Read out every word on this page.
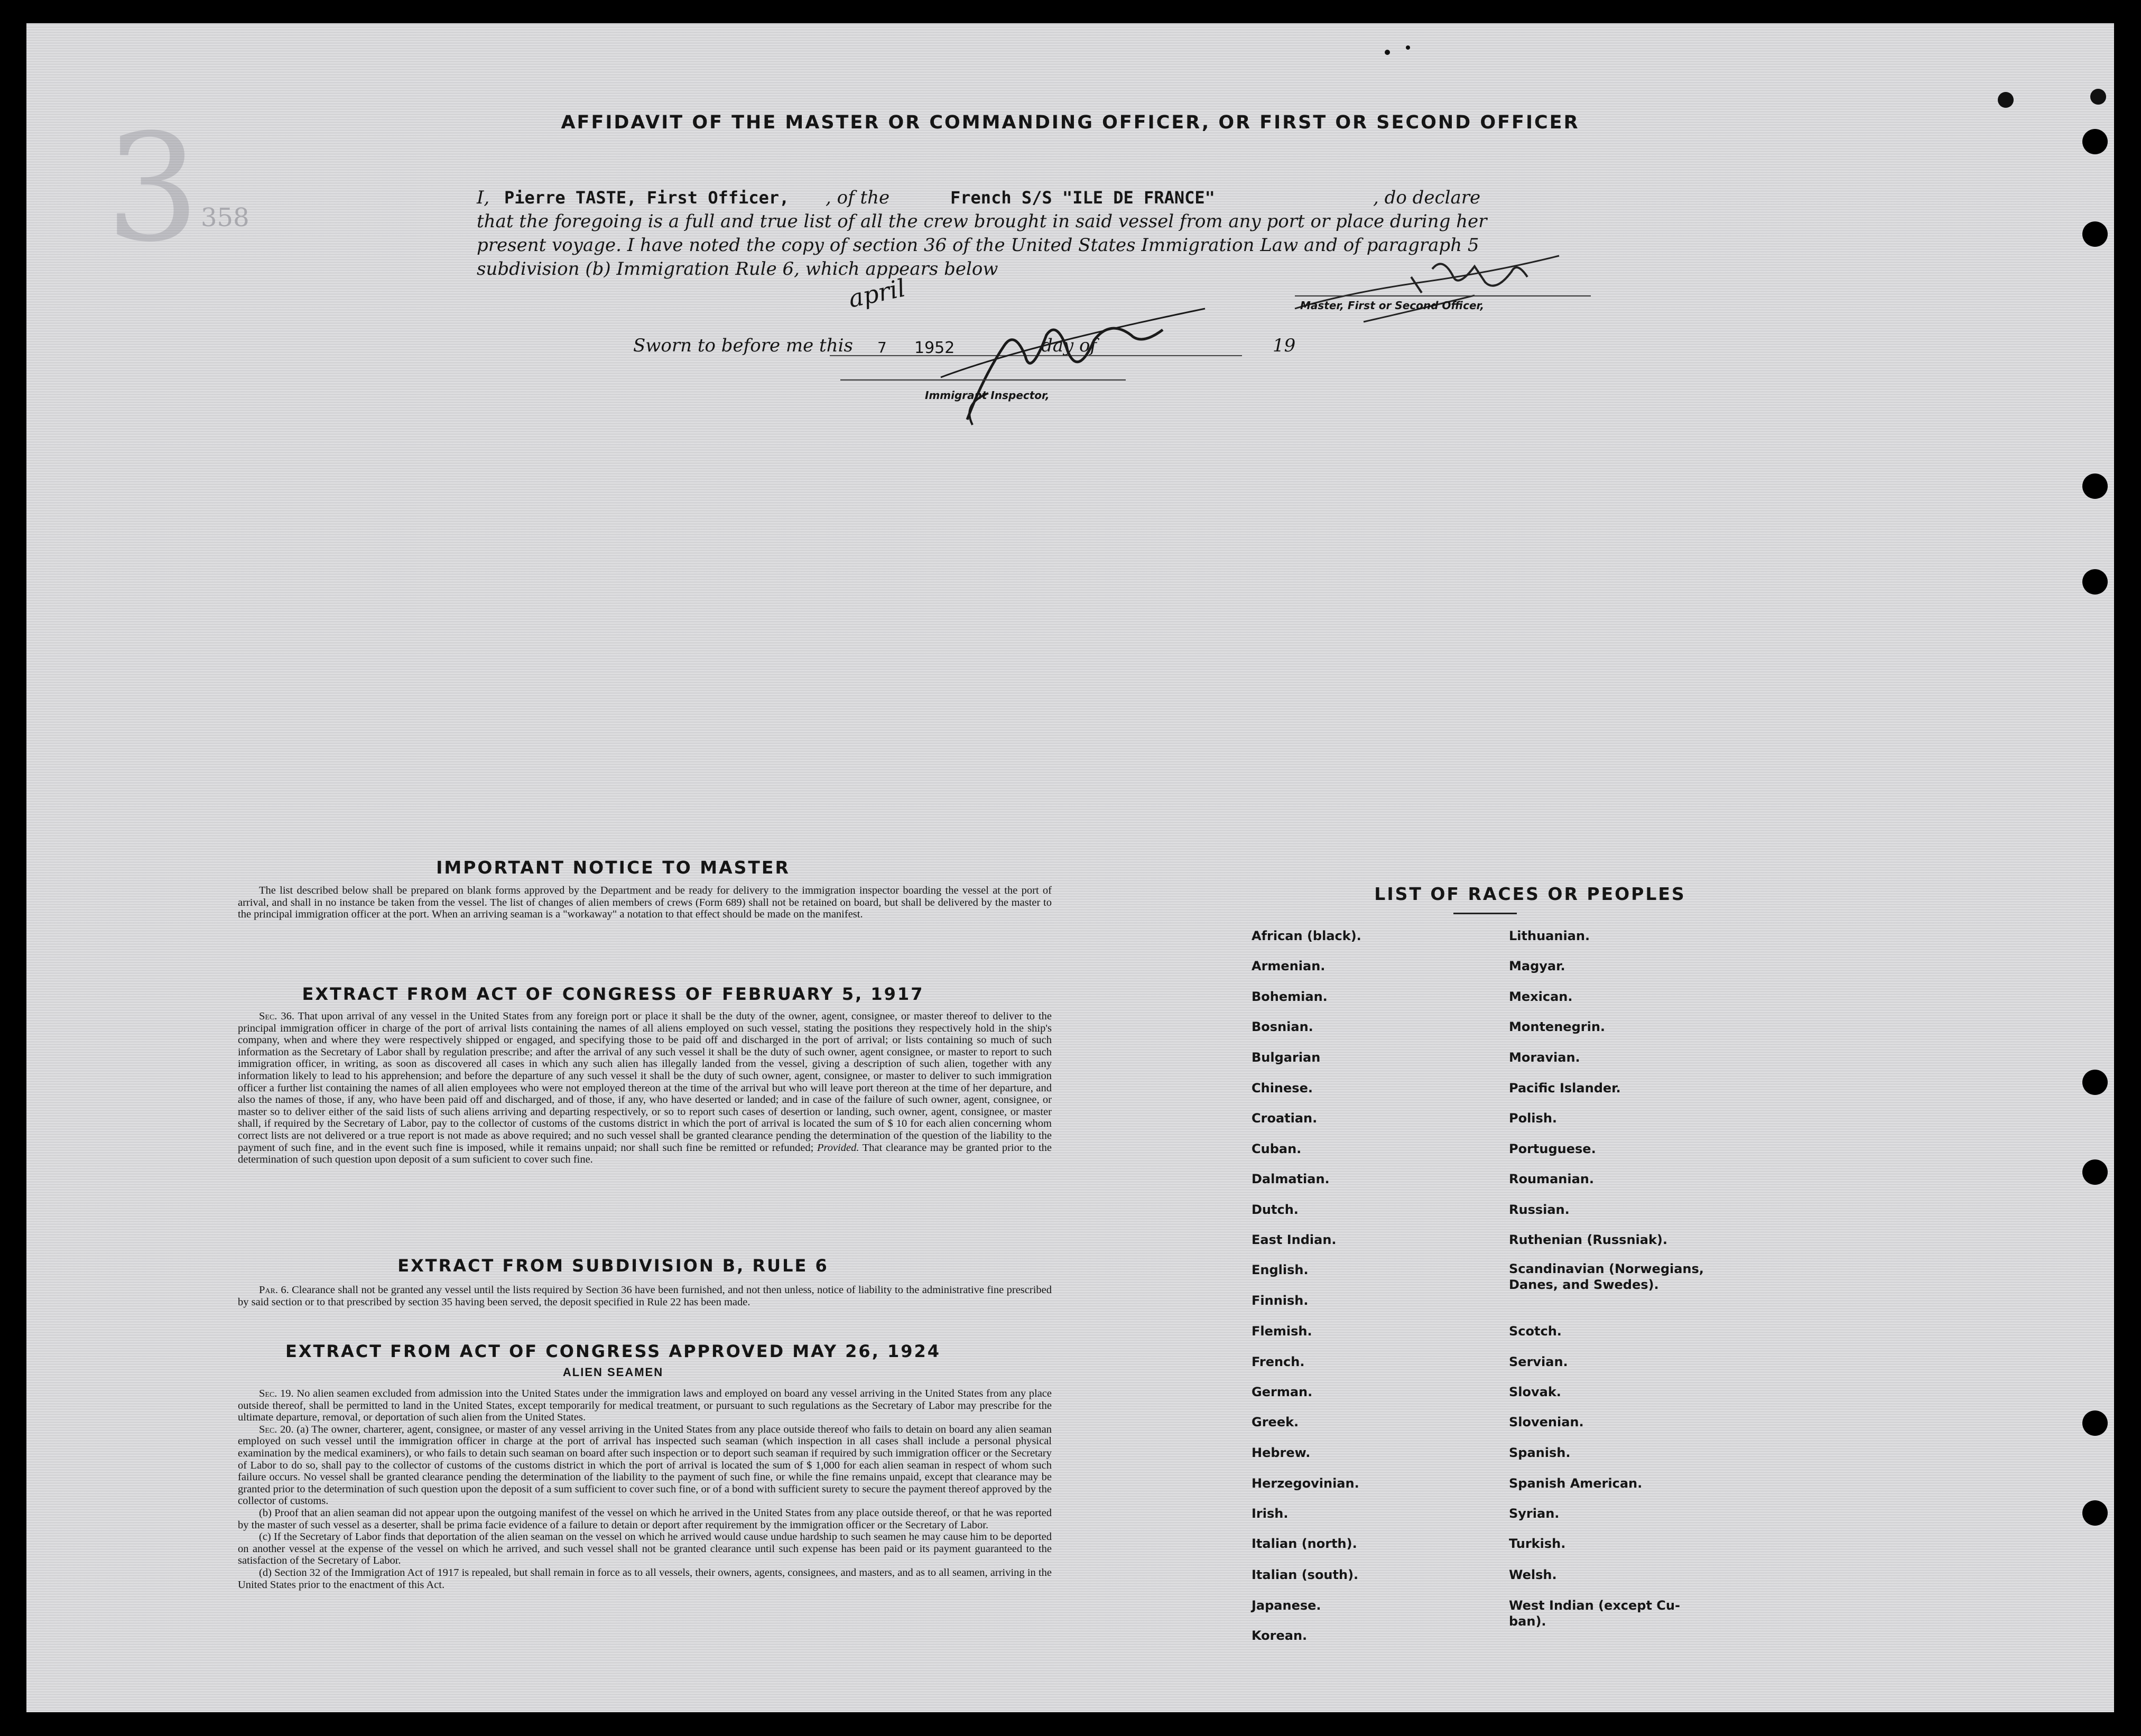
3 358
AFFIDAVIT OF THE MASTER OR COMMANDING OFFICER, OR FIRST OR SECOND OFFICER
I, Pierre TASTE, First Officer, , of the	French S/S "ILE DE FRANCE"	, do declare
that the foregoing is a full and true list of all the crew brought in said vessel from any port or place during her
present voyage. I have noted the copy of section 36 of the United States Immigration Law and of paragraph 5
subdivision (b) Immigration Rule 6, which appears below
Master, First or Second Officer,
Sworn to before me this
april
7 1952	day of	19
Immigrant Inspector,
IMPORTANT NOTICE TO MASTER

The list described below shall be prepared on blank forms approved by the Department and be ready for delivery to the immigration inspector boarding the vessel at the port of arrival, and shall in no instance be taken from the vessel. The list of changes of alien members of crews (Form 689) shall not be retained on board, but shall be delivered by the master to the principal immigration officer at the port. When an arriving seaman is a "workaway" a notation to that effect should be made on the manifest.

EXTRACT FROM ACT OF CONGRESS OF FEBRUARY 5, 1917

Sec. 36. That upon arrival of any vessel in the United States from any foreign port or place it shall be the duty of the owner, agent, consignee, or master thereof to deliver to the principal immigration officer in charge of the port of arrival lists containing the names of all aliens employed on such vessel, stating the positions they respectively hold in the ship's company, when and where they were respectively shipped or engaged, and specifying those to be paid off and discharged in the port of arrival; or lists containing so much of such information as the Secretary of Labor shall by regulation prescribe; and after the arrival of any such vessel it shall be the duty of such owner, agent consignee, or master to report to such immigration officer, in writing, as soon as discovered all cases in which any such alien has illegally landed from the vessel, giving a description of such alien, together with any information likely to lead to his apprehension; and before the departure of any such vessel it shall be the duty of such owner, agent, consignee, or master to deliver to such immigration officer a further list containing the names of all alien employees who were not employed thereon at the time of the arrival but who will leave port thereon at the time of her departure, and also the names of those, if any, who have been paid off and discharged, and of those, if any, who have deserted or landed; and in case of the failure of such owner, agent, consignee, or master so to deliver either of the said lists of such aliens arriving and departing respectively, or so to report such cases of desertion or landing, such owner, agent, consignee, or master shall, if required by the Secretary of Labor, pay to the collector of customs of the customs district in which the port of arrival is located the sum of $ 10 for each alien concerning whom correct lists are not delivered or a true report is not made as above required; and no such vessel shall be granted clearance pending the determination of the question of the liability to the payment of such fine, and in the event such fine is imposed, while it remains unpaid; nor shall such fine be remitted or refunded; Provided. That clearance may be granted prior to the determination of such question upon deposit of a sum suficient to cover such fine.

EXTRACT FROM SUBDIVISION B, RULE 6

Par. 6. Clearance shall not be granted any vessel until the lists required by Section 36 have been furnished, and not then unless, notice of liability to the administrative fine prescribed by said section or to that prescribed by section 35 having been served, the deposit specified in Rule 22 has been made.

EXTRACT FROM ACT OF CONGRESS APPROVED MAY 26, 1924
ALIEN SEAMEN

Sec. 19. No alien seamen excluded from admission into the United States under the immigration laws and employed on board any vessel arriving in the United States from any place outside thereof, shall be permitted to land in the United States, except temporarily for medical treatment, or pursuant to such regulations as the Secretary of Labor may prescribe for the ultimate departure, removal, or deportation of such alien from the United States.

Sec. 20. (a) The owner, charterer, agent, consignee, or master of any vessel arriving in the United States from any place outside thereof who fails to detain on board any alien seaman employed on such vessel until the immigration officer in charge at the port of arrival has inspected such seaman (which inspection in all cases shall include a personal physical examination by the medical examiners), or who fails to detain such seaman on board after such inspection or to deport such seaman if required by such immigration officer or the Secretary of Labor to do so, shall pay to the collector of customs of the customs district in which the port of arrival is located the sum of $ 1,000 for each alien seaman in respect of whom such failure occurs. No vessel shall be granted clearance pending the determination of the liability to the payment of such fine, or while the fine remains unpaid, except that clearance may be granted prior to the determination of such question upon the deposit of a sum sufficient to cover such fine, or of a bond with sufficient surety to secure the payment thereof approved by the collector of customs.

(b) Proof that an alien seaman did not appear upon the outgoing manifest of the vessel on which he arrived in the United States from any place outside thereof, or that he was reported by the master of such vessel as a deserter, shall be prima facie evidence of a failure to detain or deport after requirement by the immigration officer or the Secretary of Labor.

(c) If the Secretary of Labor finds that deportation of the alien seaman on the vessel on which he arrived would cause undue hardship to such seamen he may cause him to be deported on another vessel at the expense of the vessel on which he arrived, and such vessel shall not be granted clearance until such expense has been paid or its payment guaranteed to the satisfaction of the Secretary of Labor.

(d) Section 32 of the Immigration Act of 1917 is repealed, but shall remain in force as to all vessels, their owners, agents, consignees, and masters, and as to all seamen, arriving in the United States prior to the enactment of this Act.

LIST OF RACES OR PEOPLES
African (black).
Armenian.
Bohemian.
Bosnian.
Bulgarian
Chinese.
Croatian.
Cuban.
Dalmatian.
Dutch.
East Indian.
English.
Finnish.
Flemish.
French.
German.
Greek.
Hebrew.
Herzegovinian.
Irish.
Italian (north).
Italian (south).
Japanese.
Korean.
Lithuanian.
Magyar.
Mexican.
Montenegrin.
Moravian.
Pacific Islander.
Polish.
Portuguese.
Roumanian.
Russian.
Ruthenian (Russniak).
Scandinavian (Norwegians,
Danes, and Swedes).
Scotch.
Servian.
Slovak.
Slovenian.
Spanish.
Spanish American.
Syrian.
Turkish.
Welsh.
West Indian (except Cu-
ban).
